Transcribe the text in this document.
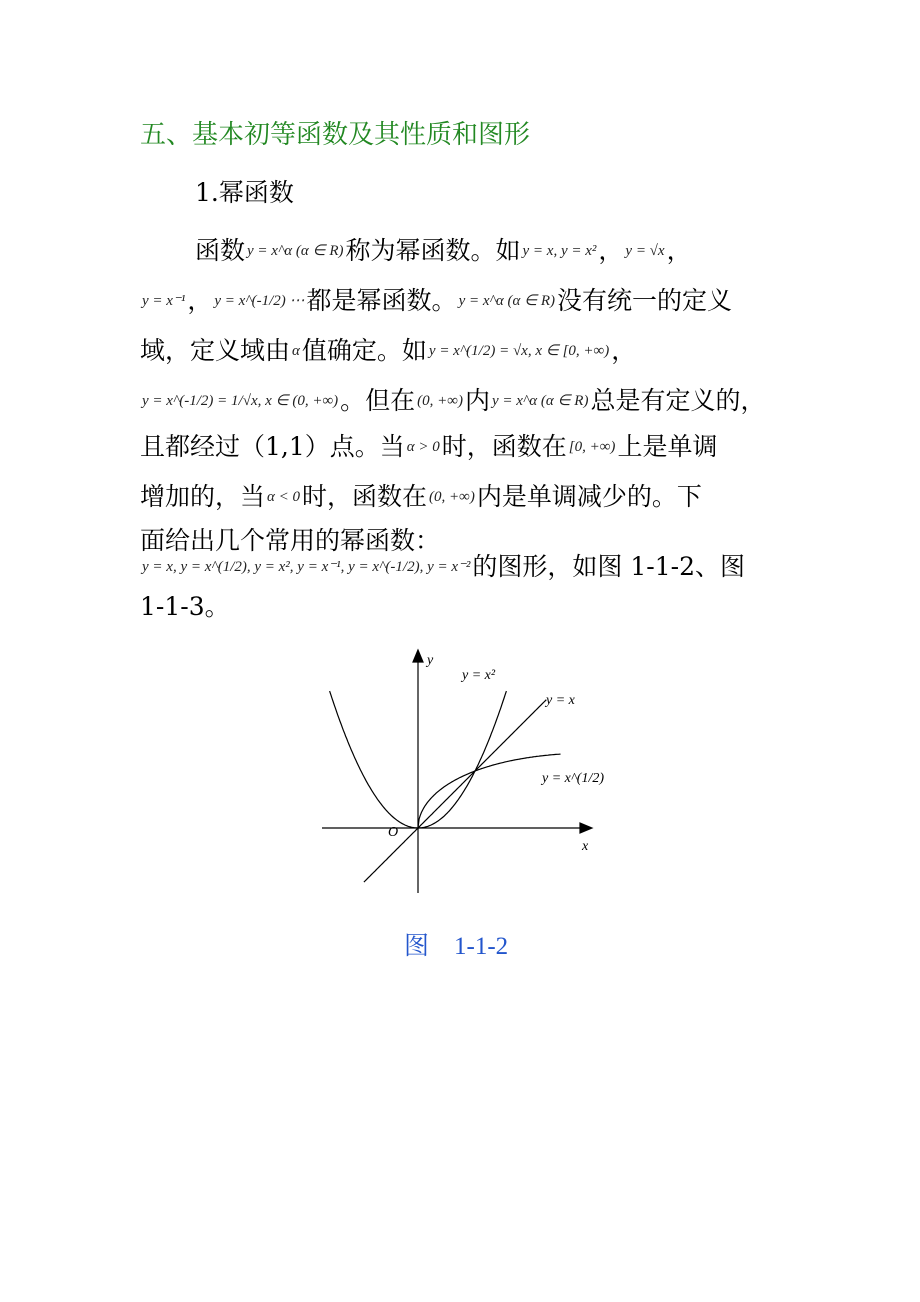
五、基本初等函数及其性质和图形
1.幂函数
函数 y = x^α (α ∈ R)称为幂函数。如 y = x, y = x²， y = √x，
y = x⁻¹， y = x^(-1/2) ⋯都是幂函数。 y = x^α (α ∈ R)没有统一的定义
域，定义域由 α值确定。如 y = x^(1/2) = √x, x ∈ [0, +∞)，
y = x^(-1/2) = 1/√x, x ∈ (0, +∞)。但在 (0, +∞)内 y = x^α (α ∈ R)总是有定义的，
且都经过（1,1）点。当 α > 0时，函数在 [0, +∞)上是单调
增加的，当 α < 0时，函数在 (0, +∞)内是单调减少的。下
面给出几个常用的幂函数：
y = x, y = x^(1/2), y = x², y = x⁻¹, y = x^(-1/2), y = x⁻²的图形，如图 1-1-2、图
1-1-3。
x
y
O
y = x²
y = x
y = x^(1/2)
图　1-1-2
